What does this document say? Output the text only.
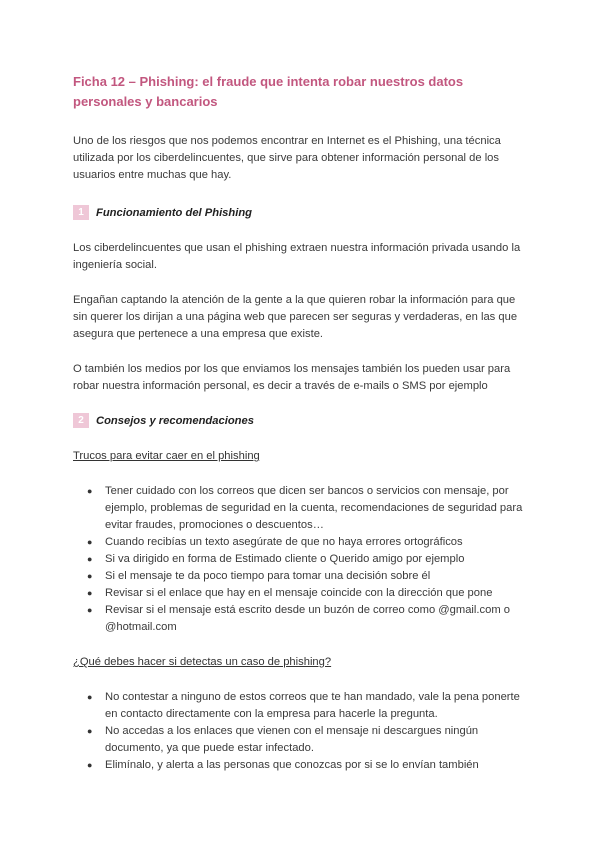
Ficha 12 – Phishing: el fraude que intenta robar nuestros datos personales y bancarios

Uno de los riesgos que nos podemos encontrar en Internet es el Phishing, una técnica utilizada por los ciberdelincuentes, que sirve para obtener información personal de los usuarios entre muchas que hay.

1	Funcionamiento del Phishing

Los ciberdelincuentes que usan el phishing extraen nuestra información privada usando la ingeniería social.

Engañan captando la atención de la gente a la que quieren robar la información para que sin querer los dirijan a una página web que parecen ser seguras y verdaderas, en las que asegura que pertenece a una empresa que existe.

O también los medios por los que enviamos los mensajes también los pueden usar para robar nuestra información personal, es decir a través de e-mails o SMS por ejemplo

2	Consejos y recomendaciones
Trucos para evitar caer en el phishing
● Tener cuidado con los correos que dicen ser bancos o servicios con mensaje, por ejemplo, problemas de seguridad en la cuenta, recomendaciones de seguridad para evitar fraudes, promociones o descuentos…
● Cuando recibías un texto asegúrate de que no haya errores ortográficos
● Si va dirigido en forma de Estimado cliente o Querido amigo por ejemplo
● Si el mensaje te da poco tiempo para tomar una decisión sobre él
● Revisar si el enlace que hay en el mensaje coincide con la dirección que pone
● Revisar si el mensaje está escrito desde un buzón de correo como @gmail.com o @hotmail.com
¿Qué debes hacer si detectas un caso de phishing?
● No contestar a ninguno de estos correos que te han mandado, vale la pena ponerte en contacto directamente con la empresa para hacerle la pregunta.
● No accedas a los enlaces que vienen con el mensaje ni descargues ningún documento, ya que puede estar infectado.
● Elimínalo, y alerta a las personas que conozcas por si se lo envían también
